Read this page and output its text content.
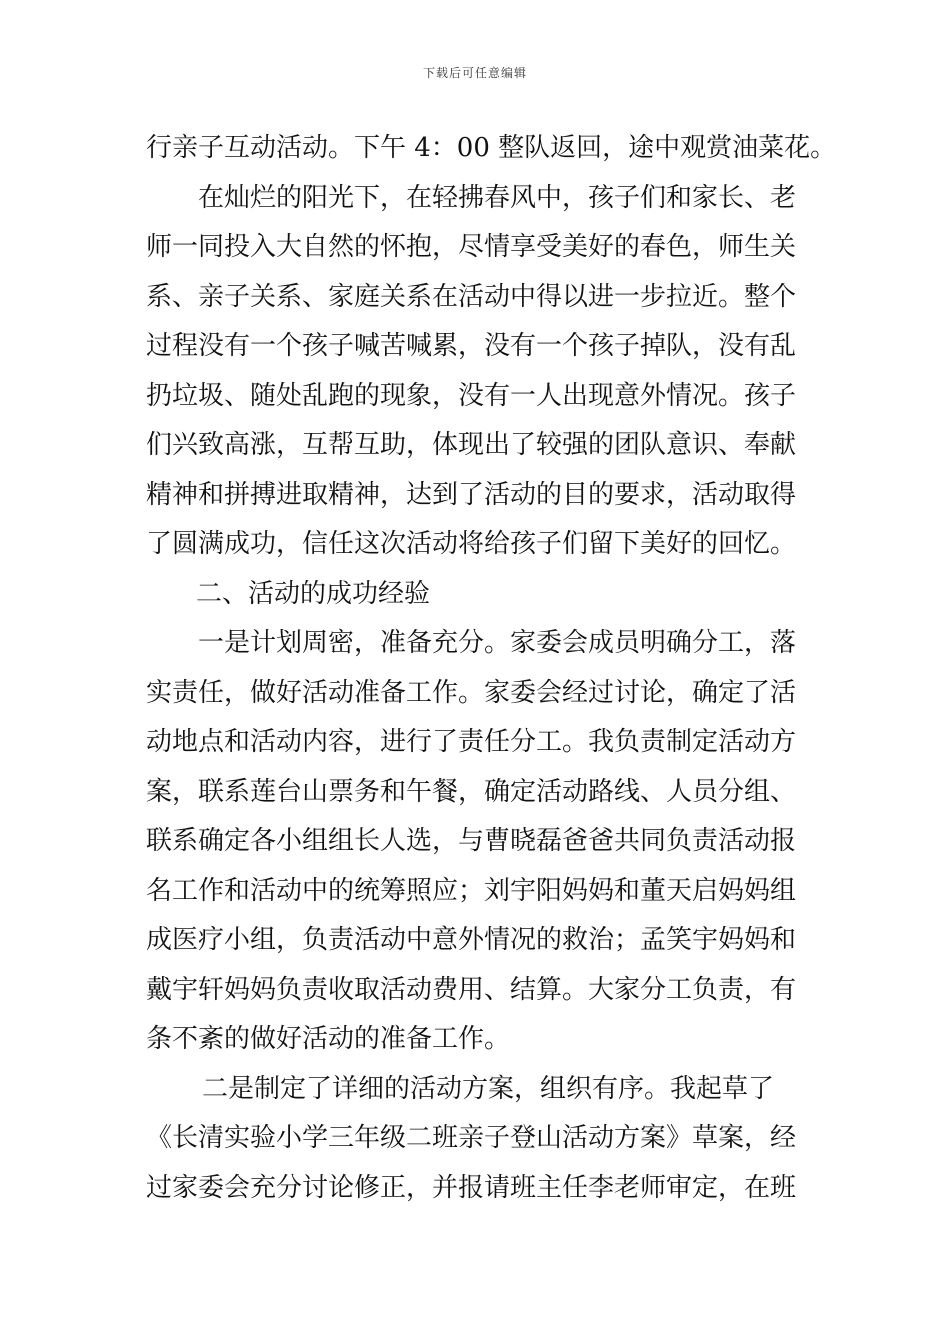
下载后可任意编辑
行亲子互动活动。下午 4：00 整队返回，途中观赏油菜花。
在灿烂的阳光下，在轻拂春风中，孩子们和家长、老
师一同投入大自然的怀抱，尽情享受美好的春色，师生关
系、亲子关系、家庭关系在活动中得以进一步拉近。整个
过程没有一个孩子喊苦喊累，没有一个孩子掉队，没有乱
扔垃圾、随处乱跑的现象，没有一人出现意外情况。孩子
们兴致高涨，互帮互助，体现出了较强的团队意识、奉献
精神和拼搏进取精神，达到了活动的目的要求，活动取得
了圆满成功，信任这次活动将给孩子们留下美好的回忆。
二、活动的成功经验
一是计划周密，准备充分。家委会成员明确分工，落
实责任，做好活动准备工作。家委会经过讨论，确定了活
动地点和活动内容，进行了责任分工。我负责制定活动方
案，联系莲台山票务和午餐，确定活动路线、人员分组、
联系确定各小组组长人选，与曹晓磊爸爸共同负责活动报
名工作和活动中的统筹照应；刘宇阳妈妈和董天启妈妈组
成医疗小组，负责活动中意外情况的救治；孟笑宇妈妈和
戴宇轩妈妈负责收取活动费用、结算。大家分工负责，有
条不紊的做好活动的准备工作。
二是制定了详细的活动方案，组织有序。我起草了
《长清实验小学三年级二班亲子登山活动方案》草案，经
过家委会充分讨论修正，并报请班主任李老师审定，在班
